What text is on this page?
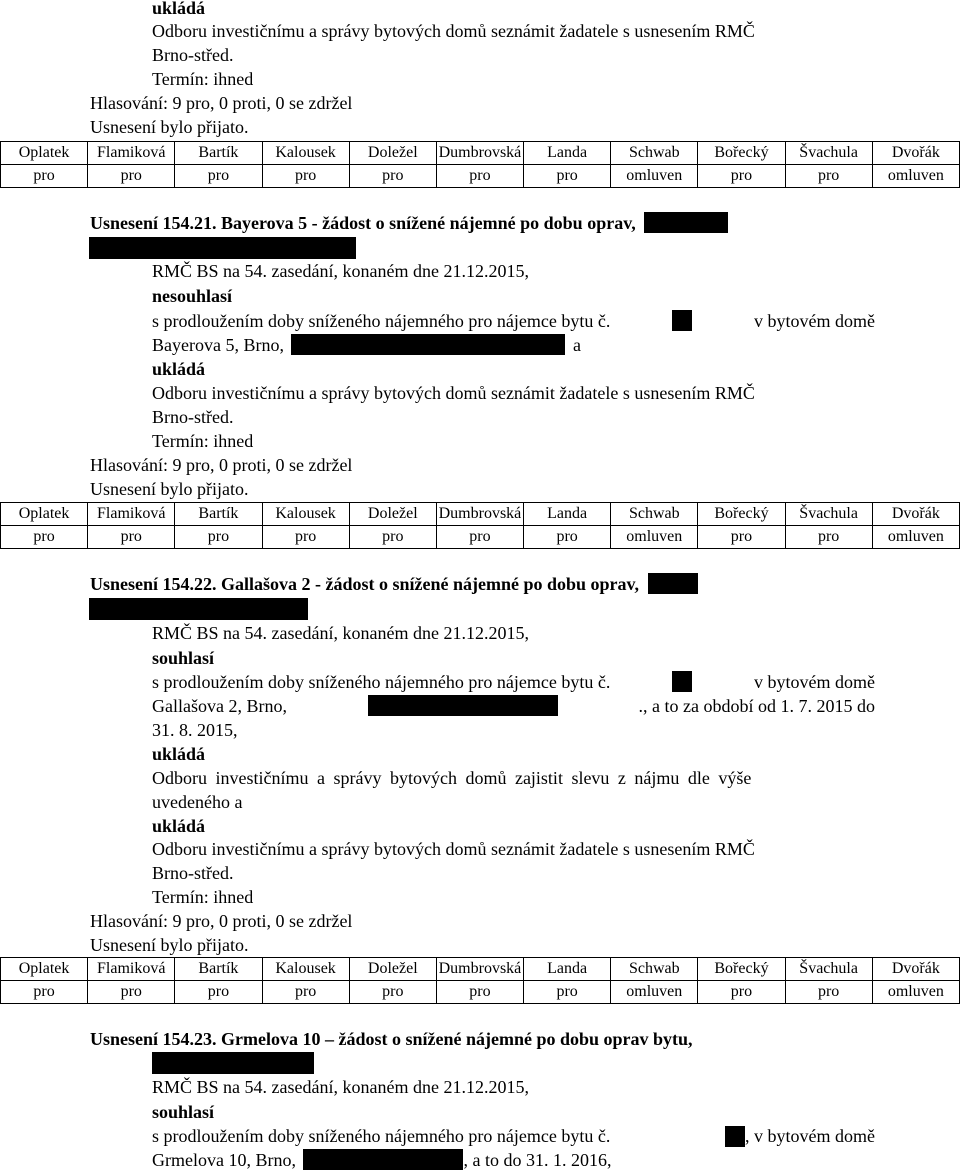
ukládá
Odboru investičnímu a správy bytových domů seznámit žadatele s usnesením RMČ
Brno-střed.
Termín: ihned
Hlasování: 9 pro, 0 proti, 0 se zdržel
Usnesení bylo přijato.
Oplatek	Flamiková	Bartík	Kalousek	Doležel	Dumbrovská	Landa	Schwab	Bořecký	Švachula	Dvořák
pro	pro	pro	pro	pro	pro	pro	omluven	pro	pro	omluven
Usnesení 154.21. Bayerova 5 - žádost o snížené nájemné po dobu oprav,
RMČ BS na 54. zasedání, konaném dne 21.12.2015,
nesouhlasí
s prodloužením doby sníženého nájemného pro nájemce bytu č.	v bytovém domě
Bayerova 5, Brno,	a
ukládá
Odboru investičnímu a správy bytových domů seznámit žadatele s usnesením RMČ
Brno-střed.
Termín: ihned
Hlasování: 9 pro, 0 proti, 0 se zdržel
Usnesení bylo přijato.
Oplatek	Flamiková	Bartík	Kalousek	Doležel	Dumbrovská	Landa	Schwab	Bořecký	Švachula	Dvořák
pro	pro	pro	pro	pro	pro	pro	omluven	pro	pro	omluven
Usnesení 154.22. Gallašova 2 - žádost o snížené nájemné po dobu oprav,
RMČ BS na 54. zasedání, konaném dne 21.12.2015,
souhlasí
s prodloužením doby sníženého nájemného pro nájemce bytu č.	v bytovém domě
Gallašova 2, Brno,	., a to za období od 1. 7. 2015 do
31. 8. 2015,
ukládá
Odboru investičnímu a správy bytových domů zajistit slevu z nájmu dle výše
uvedeného a
ukládá
Odboru investičnímu a správy bytových domů seznámit žadatele s usnesením RMČ
Brno-střed.
Termín: ihned
Hlasování: 9 pro, 0 proti, 0 se zdržel
Usnesení bylo přijato.
Oplatek	Flamiková	Bartík	Kalousek	Doležel	Dumbrovská	Landa	Schwab	Bořecký	Švachula	Dvořák
pro	pro	pro	pro	pro	pro	pro	omluven	pro	pro	omluven
Usnesení 154.23. Grmelova 10 – žádost o snížené nájemné po dobu oprav bytu,
RMČ BS na 54. zasedání, konaném dne 21.12.2015,
souhlasí
s prodloužením doby sníženého nájemného pro nájemce bytu č.	, v bytovém domě
Grmelova 10, Brno,	, a to do 31. 1. 2016,
